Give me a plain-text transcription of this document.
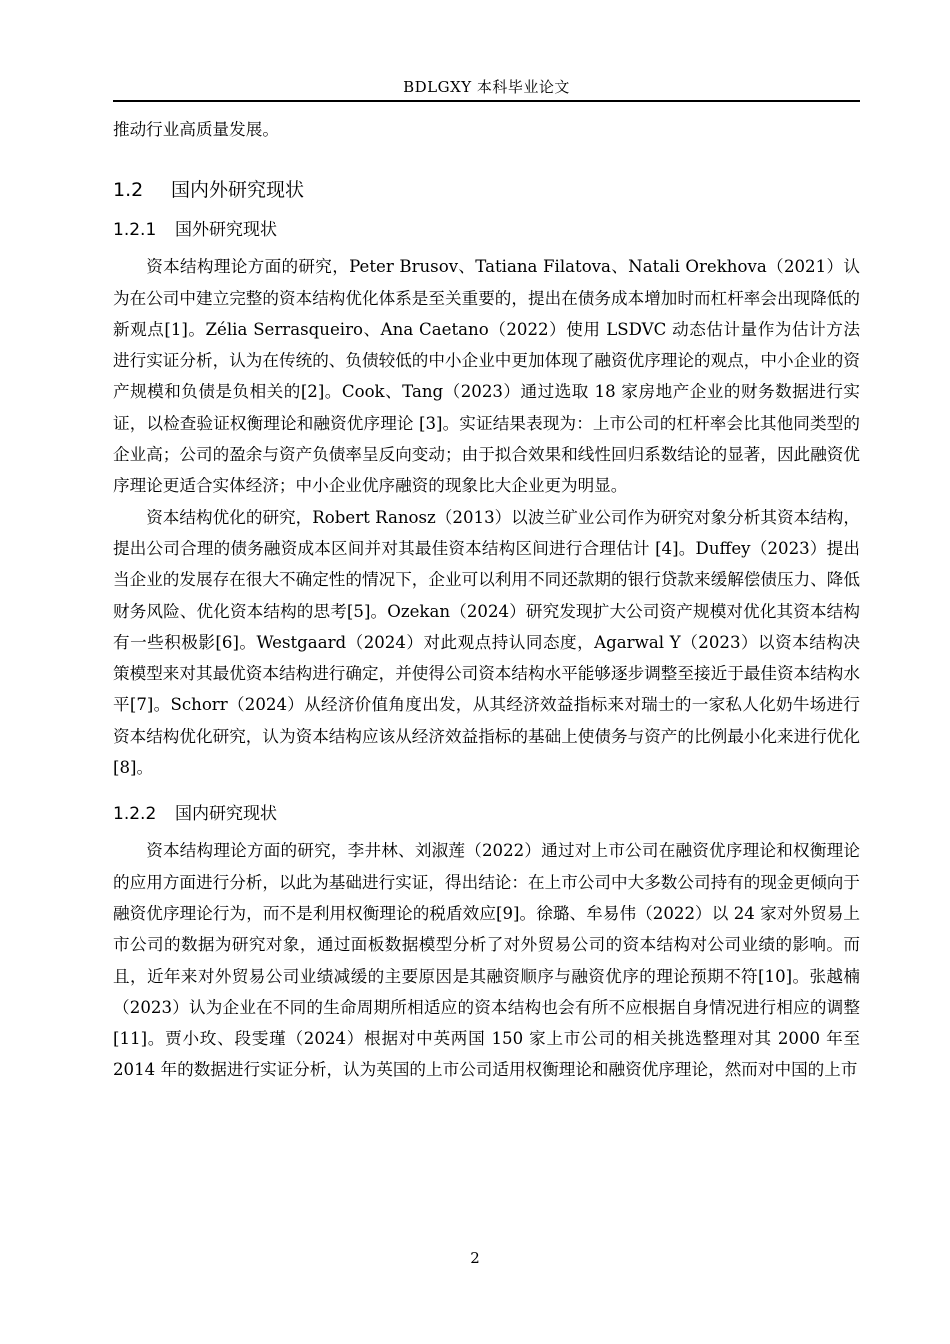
BDLGXY 本科毕业论文

推动行业高质量发展。

1.2 国内外研究现状
1.2.1 国外研究现状

资本结构理论方面的研究，Peter Brusov、Tatiana Filatova、Natali Orekhova（2021）认为在公司中建立完整的资本结构优化体系是至关重要的，提出在债务成本增加时而杠杆率会出现降低的新观点[1]。Zélia Serrasqueiro、Ana Caetano（2022）使用 LSDVC 动态估计量作为估计方法进行实证分析，认为在传统的、负债较低的中小企业中更加体现了融资优序理论的观点，中小企业的资产规模和负债是负相关的[2]。Cook、Tang（2023）通过选取 18 家房地产企业的财务数据进行实证，以检查验证权衡理论和融资优序理论 [3]。实证结果表现为：上市公司的杠杆率会比其他同类型的企业高；公司的盈余与资产负债率呈反向变动；由于拟合效果和线性回归系数结论的显著，因此融资优序理论更适合实体经济；中小企业优序融资的现象比大企业更为明显。

资本结构优化的研究，Robert Ranosz（2013）以波兰矿业公司作为研究对象分析其资本结构，提出公司合理的债务融资成本区间并对其最佳资本结构区间进行合理估计 [4]。Duffey（2023）提出当企业的发展存在很大不确定性的情况下，企业可以利用不同还款期的银行贷款来缓解偿债压力、降低财务风险、优化资本结构的思考[5]。Ozekan（2024）研究发现扩大公司资产规模对优化其资本结构有一些积极影[6]。Westgaard（2024）对此观点持认同态度，Agarwal Y（2023）以资本结构决策模型来对其最优资本结构进行确定，并使得公司资本结构水平能够逐步调整至接近于最佳资本结构水平[7]。Schorr（2024）从经济价值角度出发，从其经济效益指标来对瑞士的一家私人化奶牛场进行资本结构优化研究，认为资本结构应该从经济效益指标的基础上使债务与资产的比例最小化来进行优化[8]。

1.2.2 国内研究现状

资本结构理论方面的研究，李井林、刘淑莲（2022）通过对上市公司在融资优序理论和权衡理论的应用方面进行分析，以此为基础进行实证，得出结论：在上市公司中大多数公司持有的现金更倾向于融资优序理论行为，而不是利用权衡理论的税盾效应[9]。徐璐、牟易伟（2022）以 24 家对外贸易上市公司的数据为研究对象，通过面板数据模型分析了对外贸易公司的资本结构对公司业绩的影响。而且，近年来对外贸易公司业绩减缓的主要原因是其融资顺序与融资优序的理论预期不符[10]。张越楠（2023）认为企业在不同的生命周期所相适应的资本结构也会有所不应根据自身情况进行相应的调整[11]。贾小玫、段雯瑾（2024）根据对中英两国 150 家上市公司的相关挑选整理对其 2000 年至 2014 年的数据进行实证分析，认为英国的上市公司适用权衡理论和融资优序理论，然而对中国的上市

2
